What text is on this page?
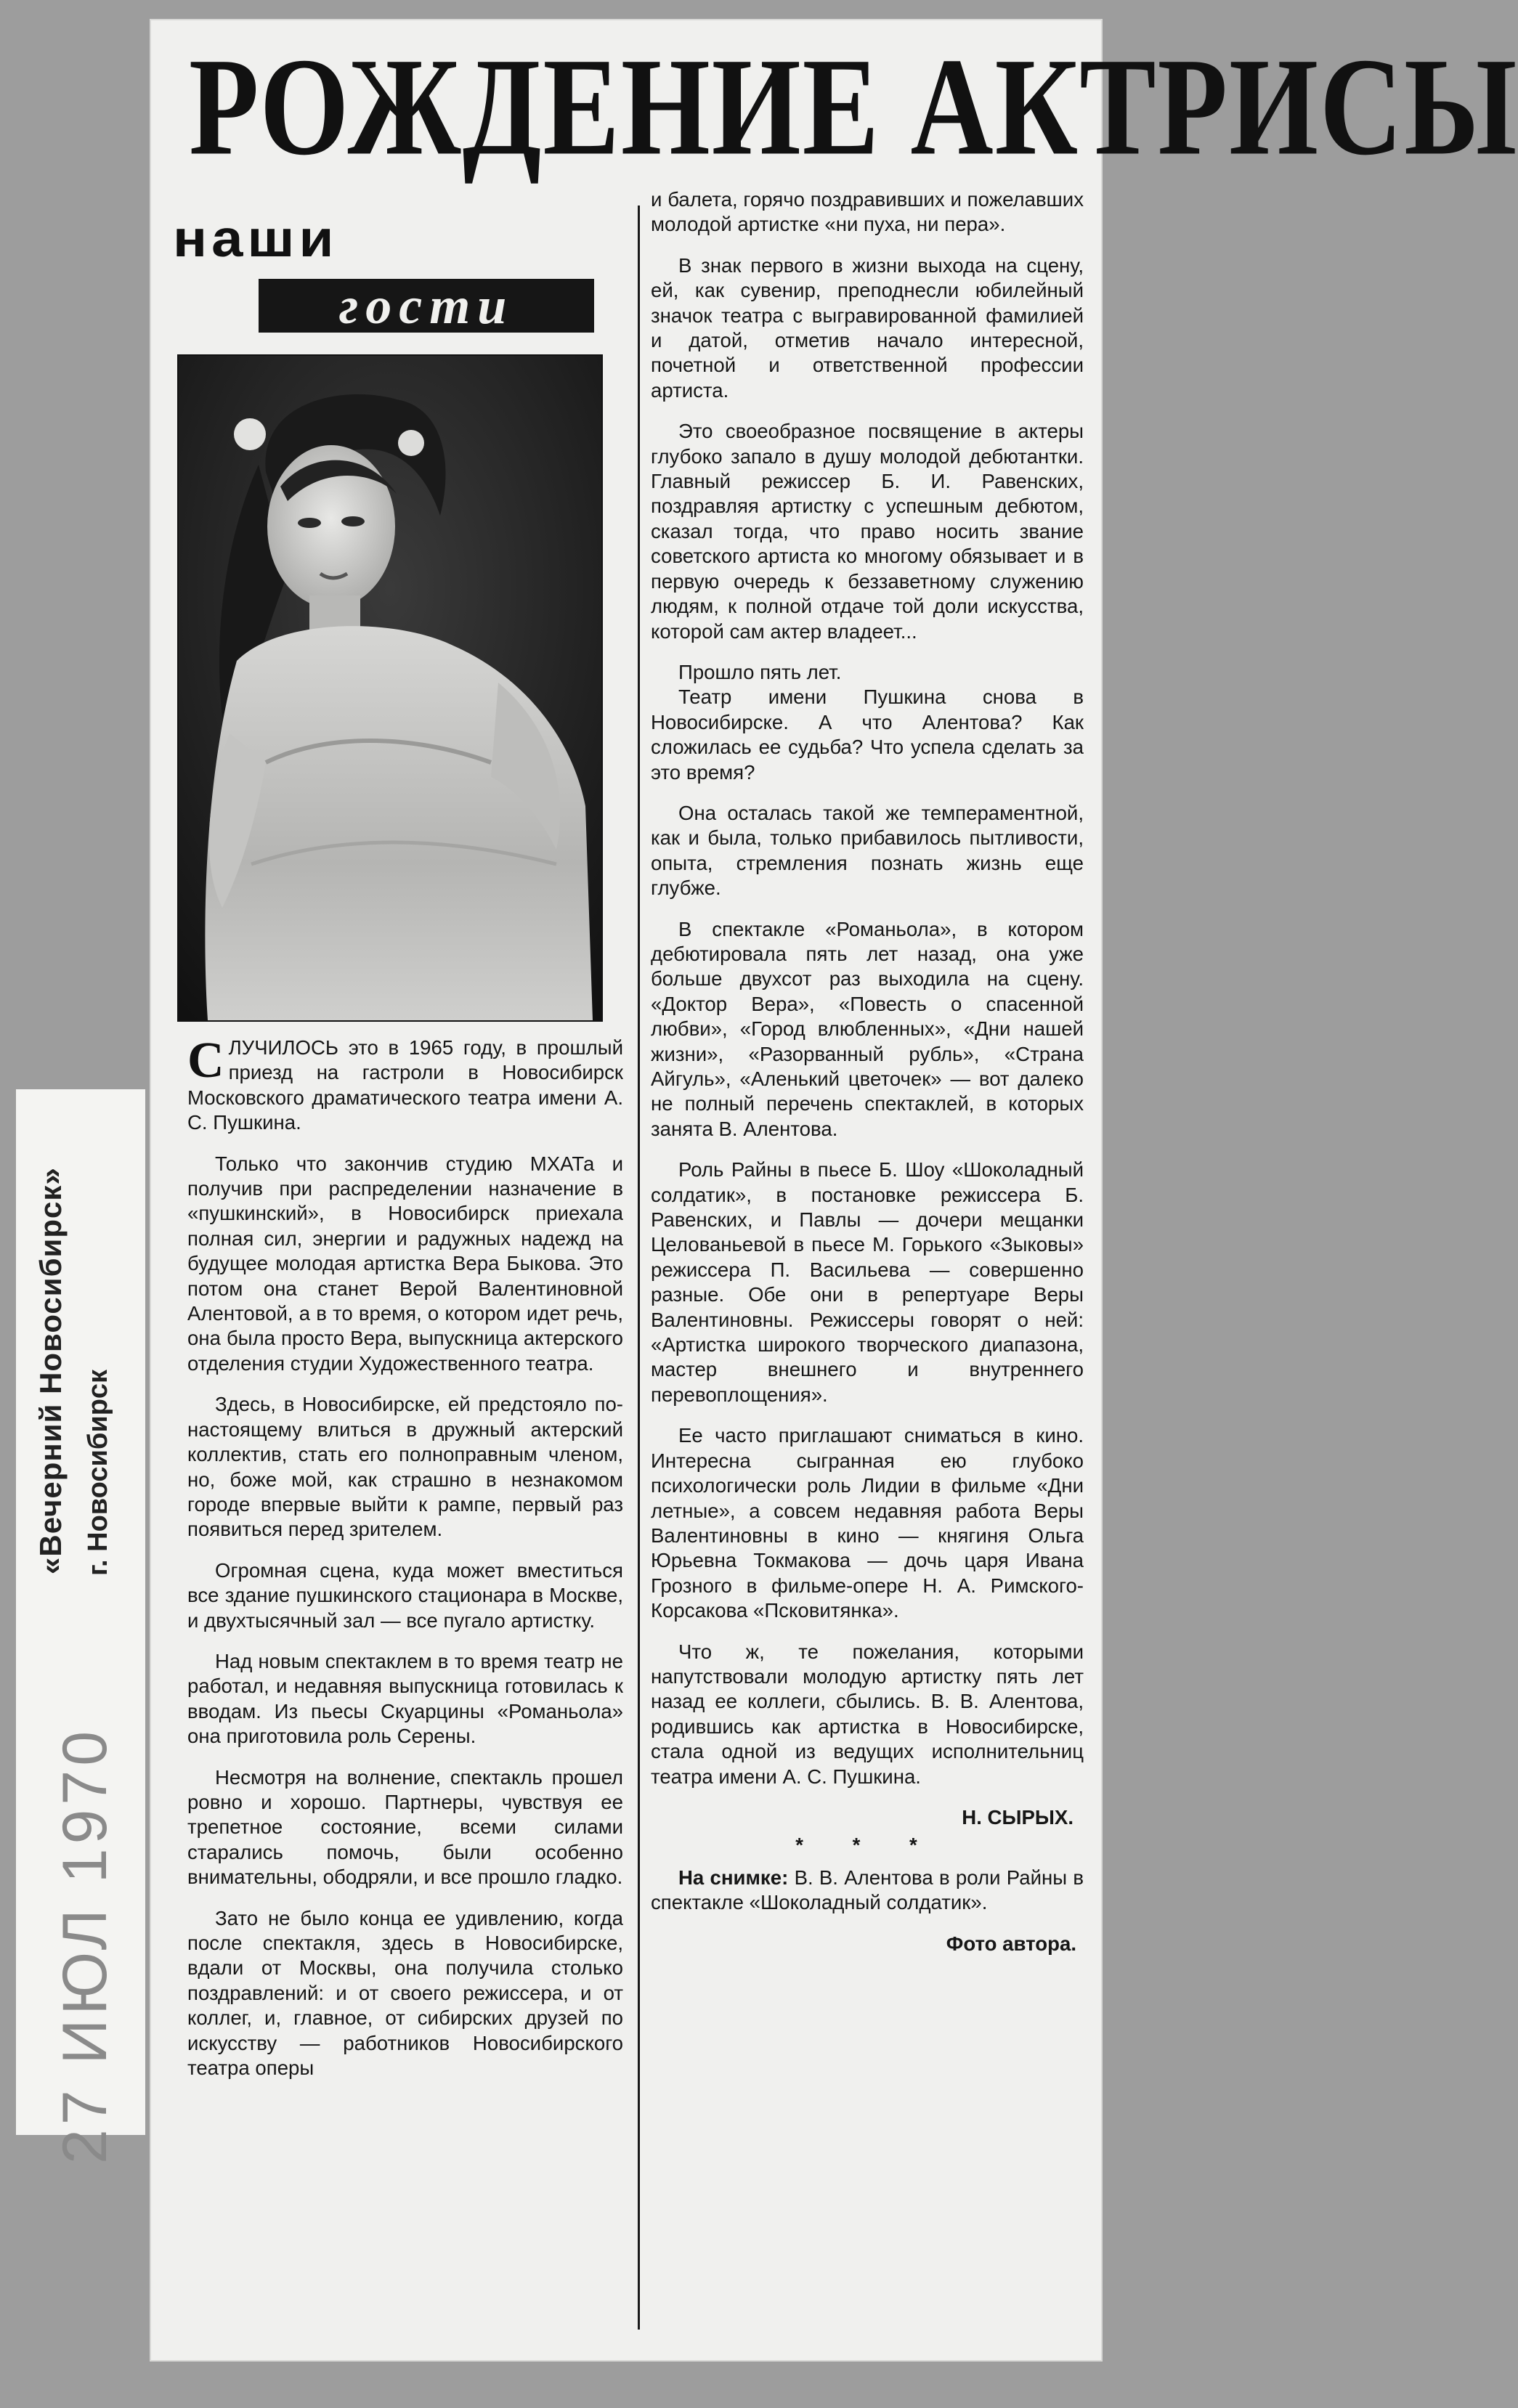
«Вечерний Новосибирск» г. Новосибирск
27 ИЮЛ 1970
РОЖДЕНИЕ АКТРИСЫ
наши
гости

СЛУЧИЛОСЬ это в 1965 году, в прошлый приезд на гастроли в Новосибирск Московского драматического театра имени А. С. Пушкина.

Только что закончив студию МХАТа и получив при распределении назначение в «пушкинский», в Новосибирск приехала полная сил, энергии и радужных надежд на будущее молодая артистка Вера Быкова. Это потом она станет Верой Валентиновной Алентовой, а в то время, о котором идет речь, она была просто Вера, выпускница актерского отделения студии Художественного театра.

Здесь, в Новосибирске, ей предстояло по-настоящему влиться в дружный актерский коллектив, стать его полноправным членом, но, боже мой, как страшно в незнакомом городе впервые выйти к рампе, первый раз появиться перед зрителем.

Огромная сцена, куда может вместиться все здание пушкинского стационара в Москве, и двухтысячный зал — все пугало артистку.

Над новым спектаклем в то время театр не работал, и недавняя выпускница готовилась к вводам. Из пьесы Скуарцины «Романьола» она приготовила роль Серены.

Несмотря на волнение, спектакль прошел ровно и хорошо. Партнеры, чувствуя ее трепетное состояние, всеми силами старались помочь, были особенно внимательны, ободряли, и все прошло гладко.

Зато не было конца ее удивлению, когда после спектакля, здесь в Новосибирске, вдали от Москвы, она получила столько поздравлений: и от своего режиссера, и от коллег, и, главное, от сибирских друзей по искусству — работников Новосибирского театра оперы

и балета, горячо поздравивших и пожелавших молодой артистке «ни пуха, ни пера».

В знак первого в жизни выхода на сцену, ей, как сувенир, преподнесли юбилейный значок театра с выгравированной фамилией и датой, отметив начало интересной, почетной и ответственной профессии артиста.

Это своеобразное посвящение в актеры глубоко запало в душу молодой дебютантки. Главный режиссер Б. И. Равенских, поздравляя артистку с успешным дебютом, сказал тогда, что право носить звание советского артиста ко многому обязывает и в первую очередь к беззаветному служению людям, к полной отдаче той доли искусства, которой сам актер владеет...

Прошло пять лет.

Театр имени Пушкина снова в Новосибирске. А что Алентова? Как сложилась ее судьба? Что успела сделать за это время?

Она осталась такой же темпераментной, как и была, только прибавилось пытливости, опыта, стремления познать жизнь еще глубже.

В спектакле «Романьола», в котором дебютировала пять лет назад, она уже больше двухсот раз выходила на сцену. «Доктор Вера», «Повесть о спасенной любви», «Город влюбленных», «Дни нашей жизни», «Разорванный рубль», «Страна Айгуль», «Аленький цветочек» — вот далеко не полный перечень спектаклей, в которых занята В. Алентова.

Роль Райны в пьесе Б. Шоу «Шоколадный солдатик», в постановке режиссера Б. Равенских, и Павлы — дочери мещанки Целованьевой в пьесе М. Горького «Зыковы» режиссера П. Васильева — совершенно разные. Обе они в репертуаре Веры Валентиновны. Режиссеры говорят о ней: «Артистка широкого творческого диапазона, мастер внешнего и внутреннего перевоплощения».

Ее часто приглашают сниматься в кино. Интересна сыгранная ею глубоко психологически роль Лидии в фильме «Дни летные», а совсем недавняя работа Веры Валентиновны в кино — княгиня Ольга Юрьевна Токмакова — дочь царя Ивана Грозного в фильме-опере Н. А. Римского-Корсакова «Псковитянка».

Что ж, те пожелания, которыми напутствовали молодую артистку пять лет назад ее коллеги, сбылись. В. В. Алентова, родившись как артистка в Новосибирске, стала одной из ведущих исполнительниц театра имени А. С. Пушкина.

Н. СЫРЫХ.
* * *

На снимке: В. В. Алентова в роли Райны в спектакле «Шоколадный солдатик».

Фото автора.
